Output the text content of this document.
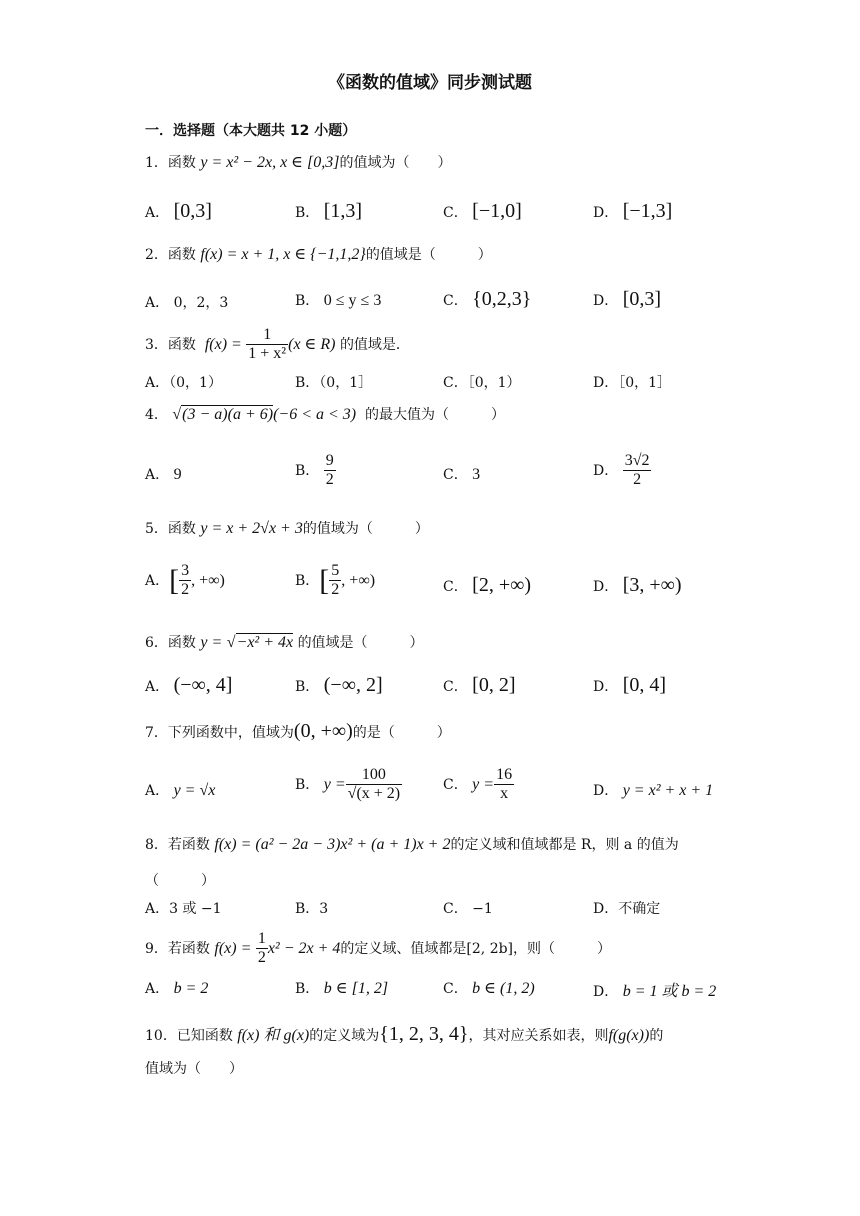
《函数的值域》同步测试题
一．选择题（本大题共 12 小题）
1．函数 y = x² − 2x, x ∈ [0,3]的值域为（　　）
A． [0,3]	B． [1,3]	C． [−1,0]	D． [−1,3]
2．函数 f(x) = x + 1, x ∈ {−1,1,2}的值域是（　　　）
A． 0，2，3	B． 0 ≤ y ≤ 3	C． {0,2,3}	D． [0,3]
3．函数 $f(x) = \frac{1}{\text{1 + x²}} (x$ ∈ R) 的值域是．
A．（0，1）	B．（0，1］	C．［0，1）	D．［0，1］
4． √(3 − a)(a + 6)(−6 < a < 3) 的最大值为（　　　）
A． 9	B． $\frac{9}{2}$	C． 3	D． $\frac{3√2}{2}$
5．函数 y = x + 2√x + 3的值域为（　　　）
A．[ $\frac{3}{2}$ , +∞)	B．[ $\frac{5}{2}$ , +∞)	C． [2, +∞)	D． [3, +∞)
6．函数 y = √−x² + 4x 的值域是（　　　）
A． (−∞, 4]	B． (−∞, 2]	C． [0, 2]	D． [0, 4]
7．下列函数中，值域为(0, +∞)的是（　　　）
A． y = √x	B． $y = \frac{100}{√(x + 2)}$	C． $y = \frac{16}{x}$	D． y = x² + x + 1
8．若函数 f(x) = (a² − 2a − 3)x² + (a + 1)x + 2的定义域和值域都是 R，则 a 的值为
（　　　）
A．3 或 −1	B．3	C． −1	D．不确定
9．若函数 $f(x) = \frac{1}{2} x^2 - 2x + 4$的定义域、值域都是[2, 2b]，则（　　　）
A． b = 2	B． b ∈ [1, 2]	C． b ∈ (1, 2)	D． b = 1 或 b = 2
10．已知函数 f(x) 和 g(x)的定义域为{1, 2, 3, 4}，其对应关系如表，则f(g(x))的
值域为（　　）
